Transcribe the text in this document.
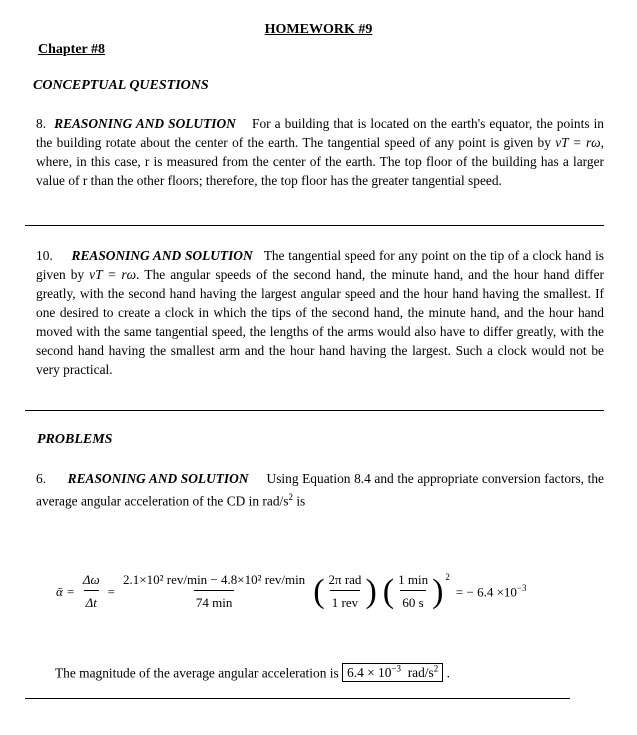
HOMEWORK #9
Chapter #8
CONCEPTUAL QUESTIONS
8. REASONING AND SOLUTION For a building that is located on the earth's equator, the points in the building rotate about the center of the earth. The tangential speed of any point is given by vT = rω, where, in this case, r is measured from the center of the earth. The top floor of the building has a larger value of r than the other floors; therefore, the top floor has the greater tangential speed.
10. REASONING AND SOLUTION The tangential speed for any point on the tip of a clock hand is given by vT = rω. The angular speeds of the second hand, the minute hand, and the hour hand differ greatly, with the second hand having the largest angular speed and the hour hand having the smallest. If one desired to create a clock in which the tips of the second hand, the minute hand, and the hour hand moved with the same tangential speed, the lengths of the arms would also have to differ greatly, with the second hand having the smallest arm and the hour hand having the largest. Such a clock would not be very practical.
PROBLEMS
6. REASONING AND SOLUTION Using Equation 8.4 and the appropriate conversion factors, the average angular acceleration of the CD in rad/$s^2$ is
ᾱ = $\frac{\Delta\omega}{\Delta t} = \frac{\text{2.1×10² rev/min − 4.8×10² rev/min}}{74 \min}$ ( $\frac{\text{2π rad}}{\text{1 rev}}$ ) ( $\frac{1 \min}{60 s} )^2$
= − $6.4 \times 10^{-3}$
The magnitude of the average angular acceleration is $6.4 \times 10^{-3}$ rad/$s^2$ .
